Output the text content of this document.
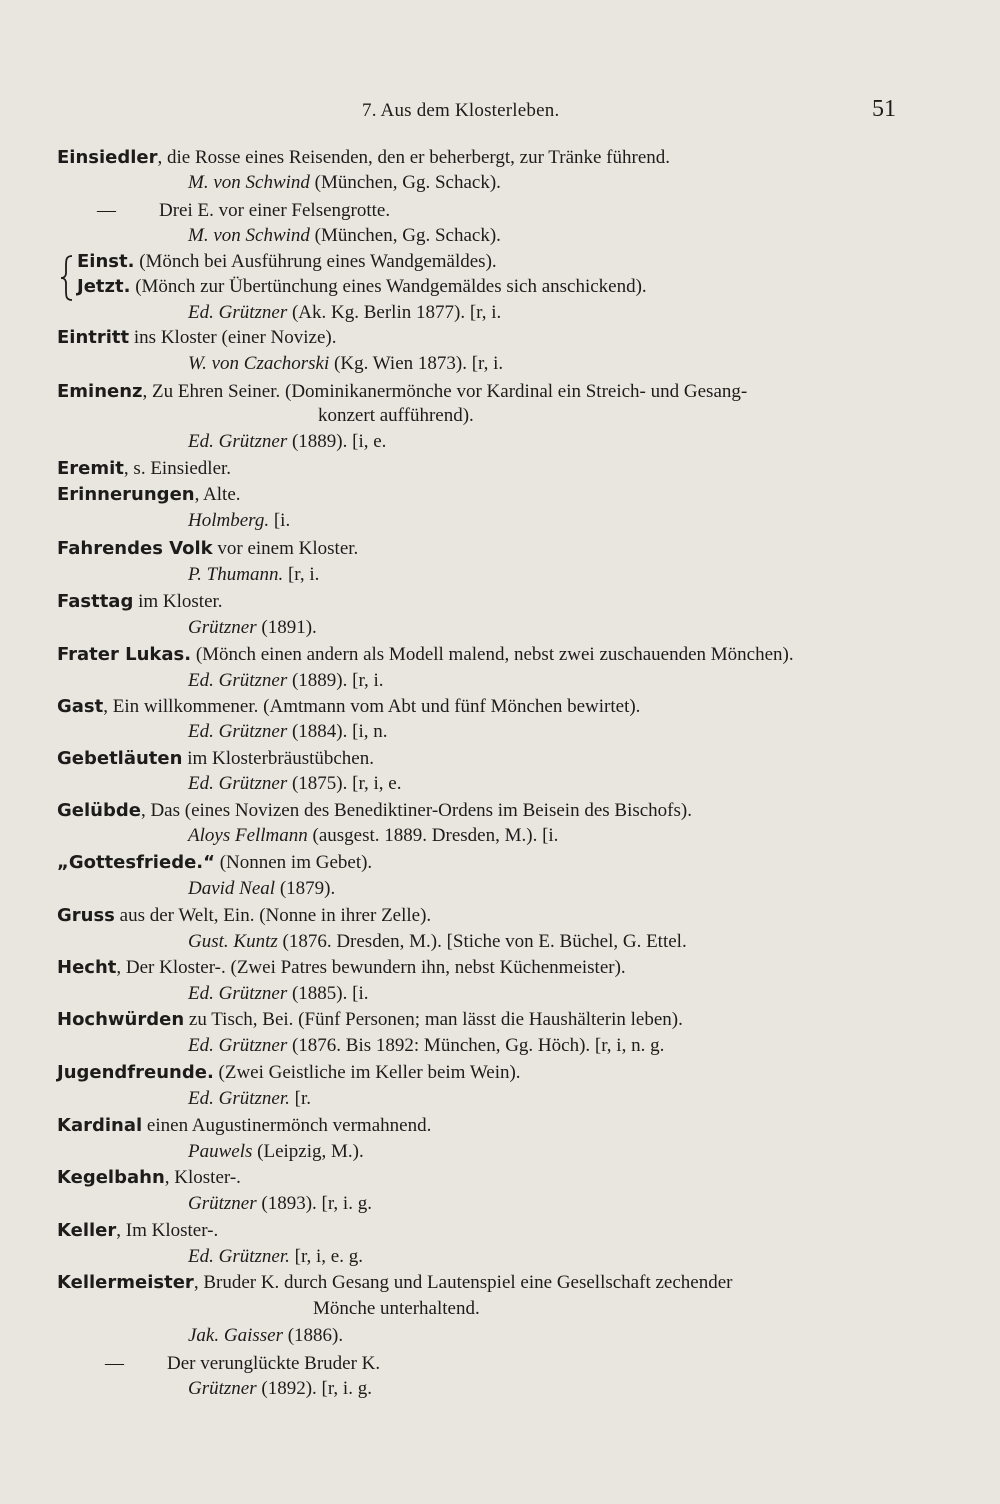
7. Aus dem Klosterleben.	51
Einsiedler, die Rosse eines Reisenden, den er beherbergt, zur Tränke führend.
M. von Schwind (München, Gg. Schack).
— Drei E. vor einer Felsengrotte.
M. von Schwind (München, Gg. Schack).
Einst. (Mönch bei Ausführung eines Wandgemäldes).
Jetzt. (Mönch zur Übertünchung eines Wandgemäldes sich anschickend).
Ed. Grützner (Ak. Kg. Berlin 1877). [r, i.
Eintritt ins Kloster (einer Novize).
W. von Czachorski (Kg. Wien 1873). [r, i.
Eminenz, Zu Ehren Seiner. (Dominikanermönche vor Kardinal ein Streich- und Gesang-
konzert aufführend).
Ed. Grützner (1889). [i, e.
Eremit, s. Einsiedler.
Erinnerungen, Alte.
Holmberg. [i.
Fahrendes Volk vor einem Kloster.
P. Thumann. [r, i.
Fasttag im Kloster.
Grützner (1891).
Frater Lukas. (Mönch einen andern als Modell malend, nebst zwei zuschauenden Mönchen).
Ed. Grützner (1889). [r, i.
Gast, Ein willkommener. (Amtmann vom Abt und fünf Mönchen bewirtet).
Ed. Grützner (1884). [i, n.
Gebetläuten im Klosterbräustübchen.
Ed. Grützner (1875). [r, i, e.
Gelübde, Das (eines Novizen des Benediktiner-Ordens im Beisein des Bischofs).
Aloys Fellmann (ausgest. 1889. Dresden, M.). [i.
„Gottesfriede.“ (Nonnen im Gebet).
David Neal (1879).
Gruss aus der Welt, Ein. (Nonne in ihrer Zelle).
Gust. Kuntz (1876. Dresden, M.). [Stiche von E. Büchel, G. Ettel.
Hecht, Der Kloster-. (Zwei Patres bewundern ihn, nebst Küchenmeister).
Ed. Grützner (1885). [i.
Hochwürden zu Tisch, Bei. (Fünf Personen; man lässt die Haushälterin leben).
Ed. Grützner (1876. Bis 1892: München, Gg. Höch). [r, i, n. g.
Jugendfreunde. (Zwei Geistliche im Keller beim Wein).
Ed. Grützner. [r.
Kardinal einen Augustinermönch vermahnend.
Pauwels (Leipzig, M.).
Kegelbahn, Kloster-.
Grützner (1893). [r, i. g.
Keller, Im Kloster-.
Ed. Grützner. [r, i, e. g.
Kellermeister, Bruder K. durch Gesang und Lautenspiel eine Gesellschaft zechender
Mönche unterhaltend.
Jak. Gaisser (1886).
— Der verunglückte Bruder K.
Grützner (1892). [r, i. g.
